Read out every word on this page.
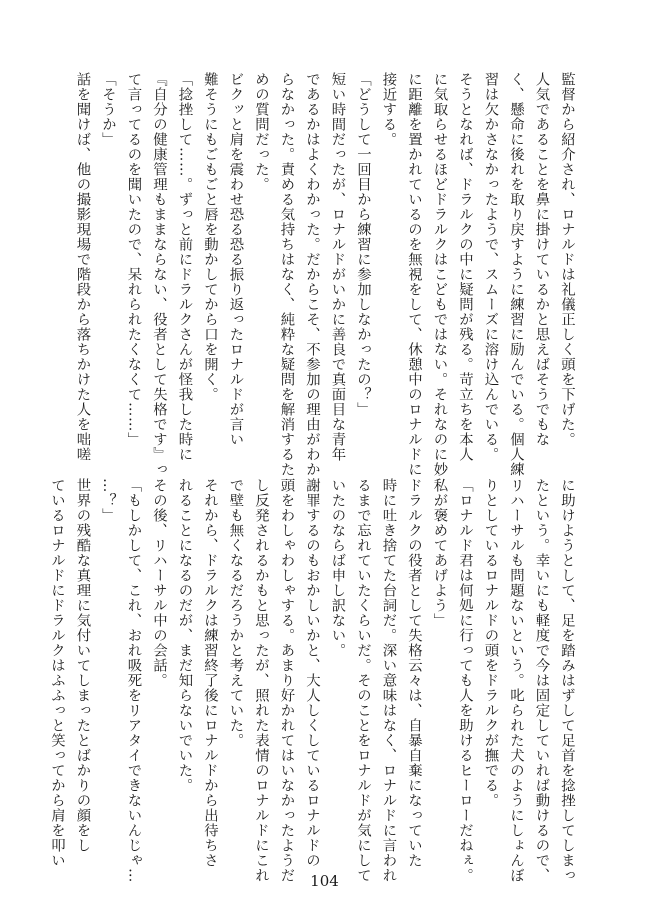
監督から紹介され、ロナルドは礼儀正しく頭を下げた。

人気であることを鼻に掛けているかと思えばそうでもな

く、懸命に後れを取り戻すように練習に励んでいる。個人練

習は欠かさなかったようで、スムーズに溶け込んでいる。

そうとなれば、ドラルクの中に疑問が残る。苛立ちを本人

に気取らせるほどドラルクはこどもではない。それなのに妙

に距離を置かれているのを無視をして、休憩中のロナルドに

接近する。

「どうして一回目から練習に参加しなかったの？」

短い時間だったが、ロナルドがいかに善良で真面目な青年

であるかはよくわかった。だからこそ、不参加の理由がわか

らなかった。責める気持ちはなく、純粋な疑問を解消するた

めの質問だった。

ビクッと肩を震わせ恐る恐る振り返ったロナルドが言い

難そうにもごもごと唇を動かしてから口を開く。

「捻挫して……。ずっと前にドラルクさんが怪我した時に

『自分の健康管理もままならない、役者として失格です』っ

て言ってるのを聞いたので、呆れられたくなくて……」

「そうか」

話を聞けば、他の撮影現場で階段から落ちかけた人を咄嗟

に助けようとして、足を踏みはずして足首を捻挫してしまっ

たという。幸いにも軽度で今は固定していれば動けるので、

リハーサルも問題ないという。叱られた犬のようにしょんぼ

りとしているロナルドの頭をドラルクが撫でる。

「ロナルド君は何処に行っても人を助けるヒーローだねぇ。

私が褒めてあげよう」

ドラルクの役者として失格云々は、自暴自棄になっていた

時に吐き捨てた台詞だ。深い意味はなく、ロナルドに言われ

るまで忘れていたくらいだ。そのことをロナルドが気にして

いたのならば申し訳ない。

謝罪するのもおかしいかと、大人しくしているロナルドの

頭をわしゃわしゃする。あまり好かれてはいなかったようだ

し反発されるかもと思ったが、照れた表情のロナルドにこれ

で壁も無くなるだろうかと考えていた。

それから、ドラルクは練習終了後にロナルドから出待ちさ

れることになるのだが、まだ知らないでいた。

その後、リハーサル中の会話。

「もしかして、これ、おれ吸死をリアタイできないんじゃ…

…？」

世界の残酷な真理に気付いてしまったとばかりの顔をし

ているロナルドにドラルクはふふっと笑ってから肩を叩い

104
